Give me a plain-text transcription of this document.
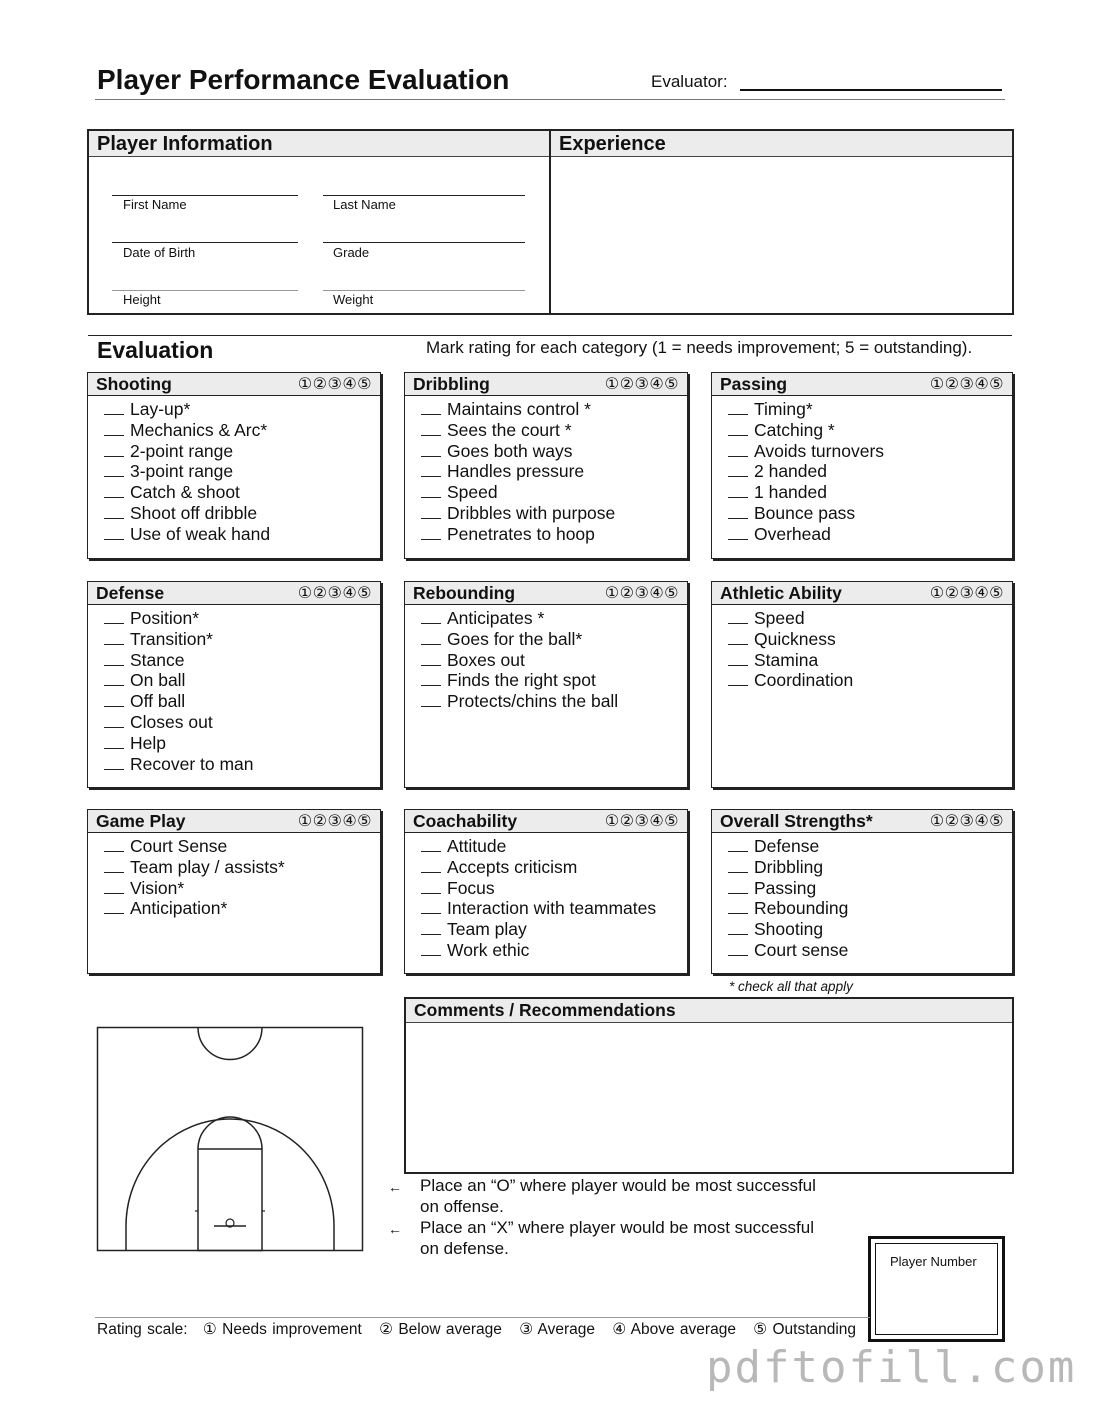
Player Performance Evaluation	Evaluator:
Player Information
First Name	Last Name
Date of Birth	Grade
Height	Weight
Experience
Evaluation	Mark rating for each category (1 = needs improvement; 5 = outstanding).
Shooting	①②③④⑤
Lay-up*
Mechanics & Arc*
2-point range
3-point range
Catch & shoot
Shoot off dribble
Use of weak hand
Dribbling	①②③④⑤
Maintains control *
Sees the court *
Goes both ways
Handles pressure
Speed
Dribbles with purpose
Penetrates to hoop
Passing	①②③④⑤
Timing*
Catching *
Avoids turnovers
2 handed
1 handed
Bounce pass
Overhead
Defense	①②③④⑤
Position*
Transition*
Stance
On ball
Off ball
Closes out
Help
Recover to man
Rebounding	①②③④⑤
Anticipates *
Goes for the ball*
Boxes out
Finds the right spot
Protects/chins the ball
Athletic Ability	①②③④⑤
Speed
Quickness
Stamina
Coordination
Game Play	①②③④⑤
Court Sense
Team play / assists*
Vision*
Anticipation*
Coachability	①②③④⑤
Attitude
Accepts criticism
Focus
Interaction with teammates
Team play
Work ethic
Overall Strengths*	①②③④⑤
Defense
Dribbling
Passing
Rebounding
Shooting
Court sense
* check all that apply
Comments / Recommendations
← Place an “O” where player would be most successful
on offense.
← Place an “X” where player would be most successful
on defense.
Player Number
Rating scale: ① Needs improvement ② Below average ③ Average ④ Above average ⑤ Outstanding
pdftofill.com
